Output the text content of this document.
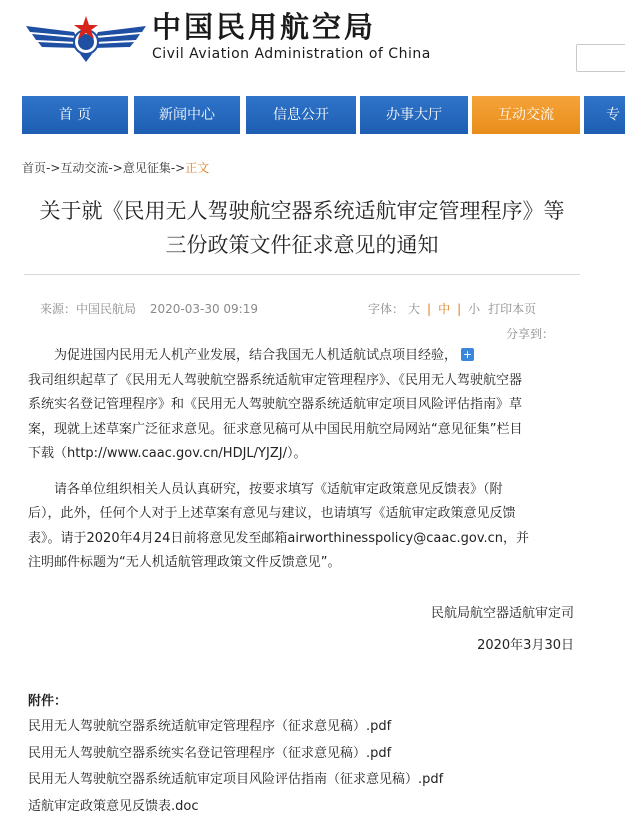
中国民用航空局
Civil Aviation Administration of China
首 页	新闻中心	信息公开	办事大厅	互动交流	专
首页->互动交流->意见征集->正文
关于就《民用无人驾驶航空器系统适航审定管理程序》等
三份政策文件征求意见的通知
来源：中国民航局 2020-03-30 09:19	字体： 大 | 中 | 小 打印本页
分享到：

为促进国内民用无人机产业发展，结合我国无人机适航试点项目经验， +
我司组织起草了《民用无人驾驶航空器系统适航审定管理程序》、《民用无人驾驶航空器
系统实名登记管理程序》和《民用无人驾驶航空器系统适航审定项目风险评估指南》草
案，现就上述草案广泛征求意见。征求意见稿可从中国民用航空局网站“意见征集”栏目
下载（http://www.caac.gov.cn/HDJL/YJZJ/）。

请各单位组织相关人员认真研究，按要求填写《适航审定政策意见反馈表》（附
后），此外，任何个人对于上述草案有意见与建议，也请填写《适航审定政策意见反馈
表》。请于2020年4月24日前将意见发至邮箱airworthinesspolicy@caac.gov.cn，并
注明邮件标题为“无人机适航管理政策文件反馈意见”。

民航局航空器适航审定司
2020年3月30日
附件：
民用无人驾驶航空器系统适航审定管理程序（征求意见稿）.pdf
民用无人驾驶航空器系统实名登记管理程序（征求意见稿）.pdf
民用无人驾驶航空器系统适航审定项目风险评估指南（征求意见稿）.pdf
适航审定政策意见反馈表.doc
